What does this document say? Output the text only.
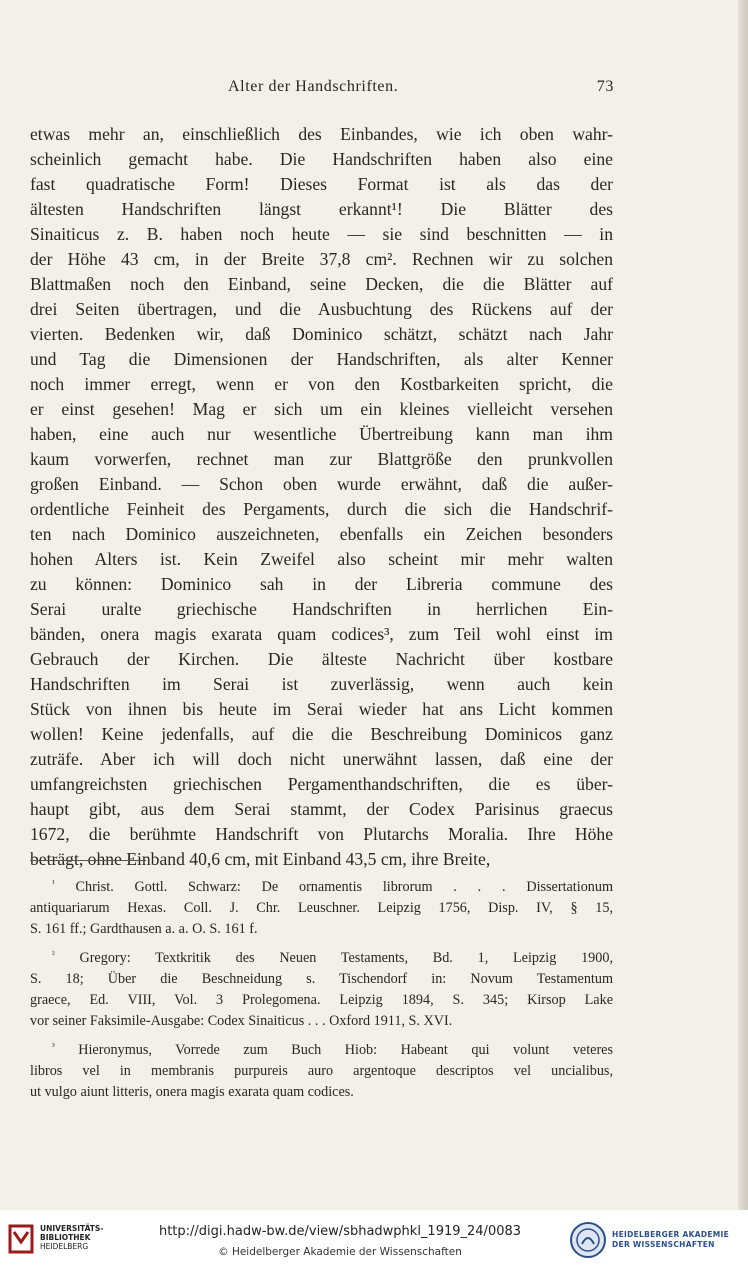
Alter der Handschriften.	73
etwas mehr an, einschließlich des Einbandes, wie ich oben wahr-
scheinlich gemacht habe. Die Handschriften haben also eine
fast quadratische Form! Dieses Format ist als das der
ältesten Handschriften längst erkannt¹! Die Blätter des
Sinaiticus z. B. haben noch heute — sie sind beschnitten — in
der Höhe 43 cm, in der Breite 37,8 cm². Rechnen wir zu solchen
Blattmaßen noch den Einband, seine Decken, die die Blätter auf
drei Seiten übertragen, und die Ausbuchtung des Rückens auf der
vierten. Bedenken wir, daß Dominico schätzt, schätzt nach Jahr
und Tag die Dimensionen der Handschriften, als alter Kenner
noch immer erregt, wenn er von den Kostbarkeiten spricht, die
er einst gesehen! Mag er sich um ein kleines vielleicht versehen
haben, eine auch nur wesentliche Übertreibung kann man ihm
kaum vorwerfen, rechnet man zur Blattgröße den prunkvollen
großen Einband. — Schon oben wurde erwähnt, daß die außer-
ordentliche Feinheit des Pergaments, durch die sich die Handschrif-
ten nach Dominico auszeichneten, ebenfalls ein Zeichen besonders
hohen Alters ist. Kein Zweifel also scheint mir mehr walten
zu können: Dominico sah in der Libreria commune des
Serai uralte griechische Handschriften in herrlichen Ein-
bänden, onera magis exarata quam codices³, zum Teil wohl einst im
Gebrauch der Kirchen. Die älteste Nachricht über kostbare
Handschriften im Serai ist zuverlässig, wenn auch kein
Stück von ihnen bis heute im Serai wieder hat ans Licht kommen
wollen! Keine jedenfalls, auf die die Beschreibung Dominicos ganz
zuträfe. Aber ich will doch nicht unerwähnt lassen, daß eine der
umfangreichsten griechischen Pergamenthandschriften, die es über-
haupt gibt, aus dem Serai stammt, der Codex Parisinus graecus
1672, die berühmte Handschrift von Plutarchs Moralia. Ihre Höhe
beträgt, ohne Einband 40,6 cm, mit Einband 43,5 cm, ihre Breite,
$^{^1}$ Christ. Gottl. Schwarz: De ornamentis librorum . . . Dissertationum
antiquariarum Hexas. Coll. J. Chr. Leuschner. Leipzig 1756, Disp. IV, § 15,
S. 161 ff.; Gardthausen a. a. O. S. 161 f.
$^{^2}$ Gregory: Textkritik des Neuen Testaments, Bd. 1, Leipzig 1900,
S. 18; Über die Beschneidung s. Tischendorf in: Novum Testamentum
graece, Ed. VIII, Vol. 3 Prolegomena. Leipzig 1894, S. 345; Kirsop Lake
vor seiner Faksimile-Ausgabe: Codex Sinaiticus . . . Oxford 1911, S. XVI.
$^{^3}$ Hieronymus, Vorrede zum Buch Hiob: Habeant qui volunt veteres
libros vel in membranis purpureis auro argentoque descriptos vel uncialibus,
ut vulgo aiunt litteris, onera magis exarata quam codices.
UNIVERSITÄTS-
BIBLIOTHEK
HEIDELBERG
http://digi.hadw-bw.de/view/sbhadwphkl_1919_24/0083
© Heidelberger Akademie der Wissenschaften
HEIDELBERGER AKADEMIE
DER WISSENSCHAFTEN
